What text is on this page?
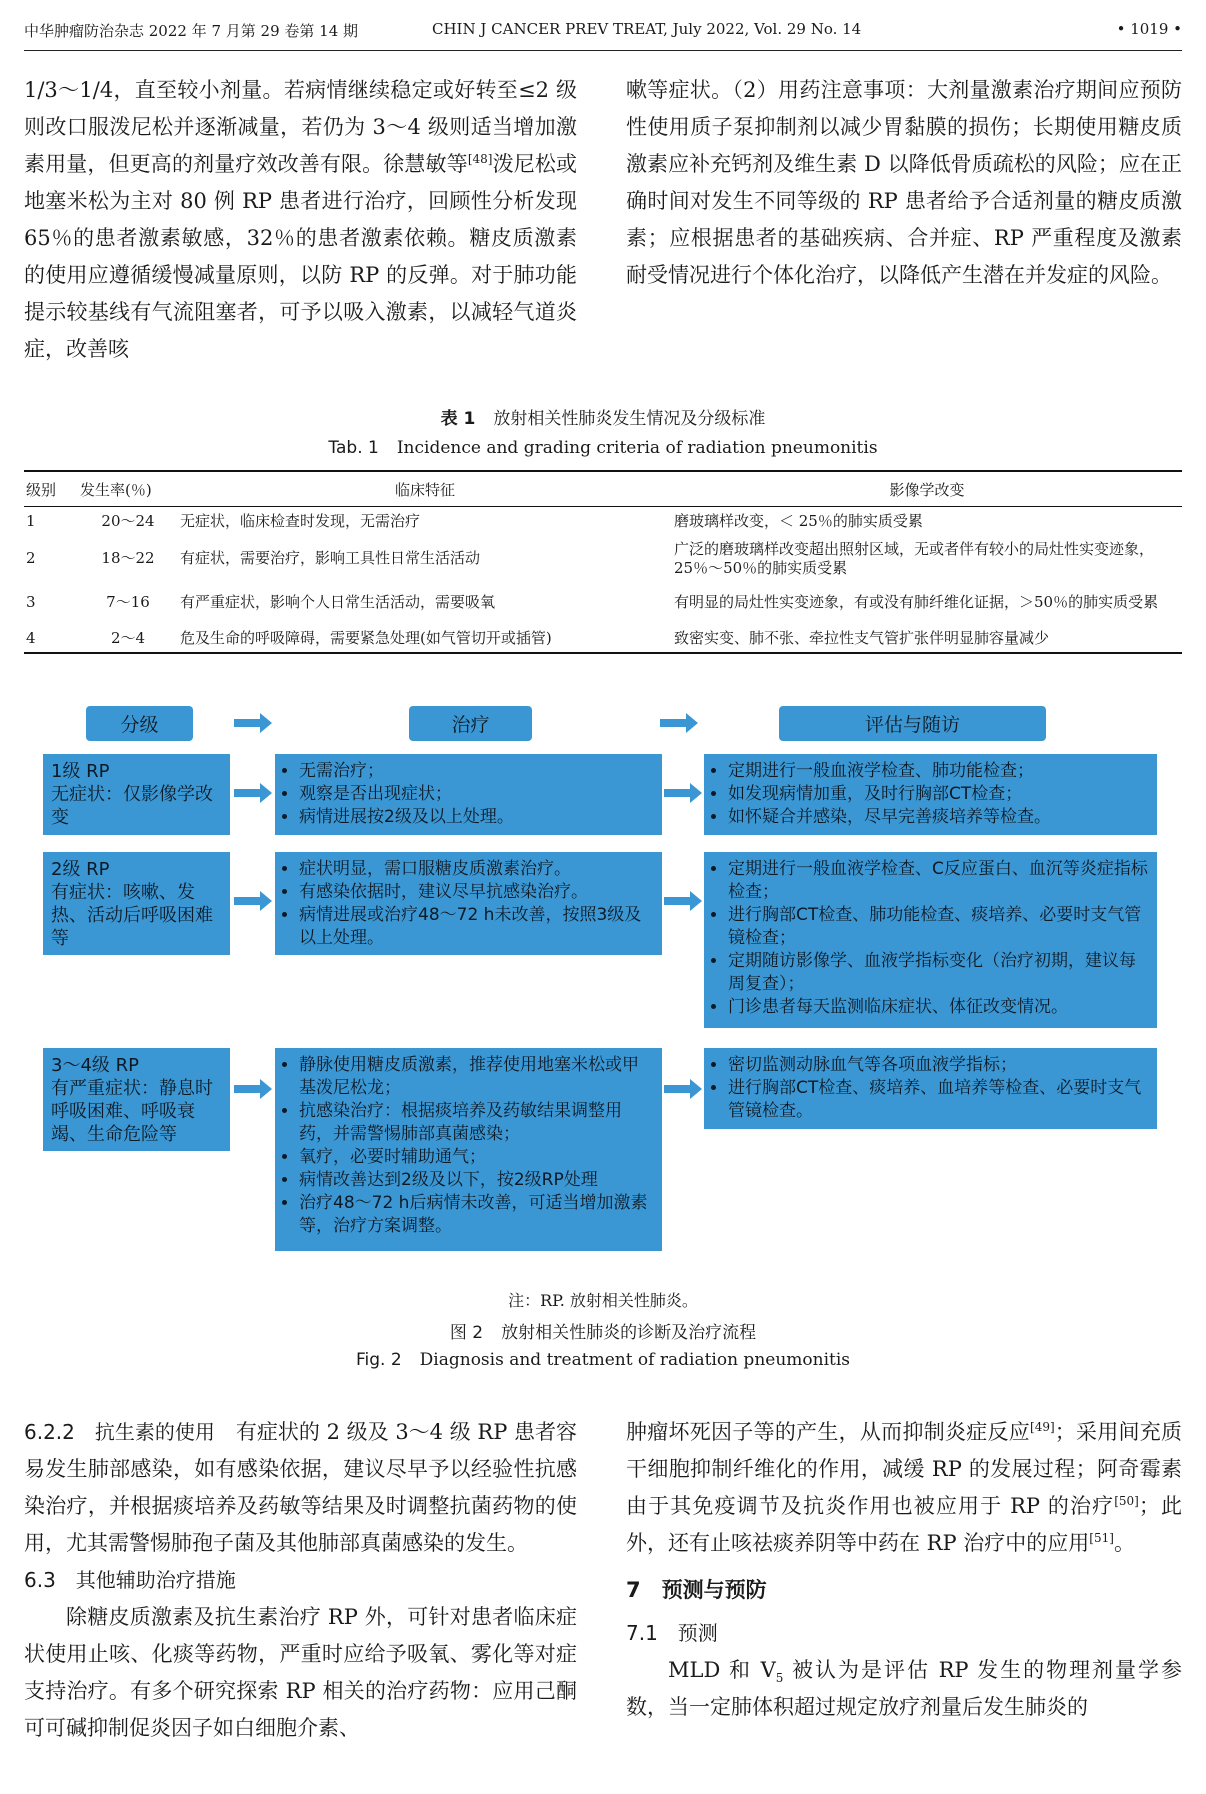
中华肿瘤防治杂志 2022 年 7 月第 29 卷第 14 期	CHIN J CANCER PREV TREAT, July 2022, Vol. 29 No. 14	• 1019 •

1/3～1/4，直至较小剂量。若病情继续稳定或好转至≤2 级则改口服泼尼松并逐渐减量，若仍为 3～4 级则适当增加激素用量，但更高的剂量疗效改善有限。徐慧敏等[48]泼尼松或地塞米松为主对 80 例 RP 患者进行治疗，回顾性分析发现 65％的患者激素敏感，32％的患者激素依赖。糖皮质激素的使用应遵循缓慢减量原则，以防 RP 的反弹。对于肺功能提示较基线有气流阻塞者，可予以吸入激素，以减轻气道炎症，改善咳

嗽等症状。（2）用药注意事项：大剂量激素治疗期间应预防性使用质子泵抑制剂以减少胃黏膜的损伤；长期使用糖皮质激素应补充钙剂及维生素 D 以降低骨质疏松的风险；应在正确时间对发生不同等级的 RP 患者给予合适剂量的糖皮质激素；应根据患者的基础疾病、合并症、RP 严重程度及激素耐受情况进行个体化治疗，以降低产生潜在并发症的风险。

表 1 放射相关性肺炎发生情况及分级标准
Tab. 1 Incidence and grading criteria of radiation pneumonitis
级别	发生率(％)	临床特征	影像学改变
1	20～24	无症状，临床检查时发现，无需治疗	磨玻璃样改变，＜ 25％的肺实质受累
2	18～22	有症状，需要治疗，影响工具性日常生活活动	广泛的磨玻璃样改变超出照射区域，无或者伴有较小的局灶性实变迹象，25％～50％的肺实质受累
3	7～16	有严重症状，影响个人日常生活活动，需要吸氧	有明显的局灶性实变迹象，有或没有肺纤维化证据，＞50％的肺实质受累
4	2～4	危及生命的呼吸障碍，需要紧急处理(如气管切开或插管)	致密实变、肺不张、牵拉性支气管扩张伴明显肺容量减少
分级	治疗	评估与随访
1级 RP
无症状：仅影像学改变
• 无需治疗；
• 观察是否出现症状；
• 病情进展按2级及以上处理。
• 定期进行一般血液学检查、肺功能检查；
• 如发现病情加重，及时行胸部CT检查；
• 如怀疑合并感染，尽早完善痰培养等检查。
2级 RP
有症状：咳嗽、发热、活动后呼吸困难等
• 症状明显，需口服糖皮质激素治疗。
• 有感染依据时，建议尽早抗感染治疗。
• 病情进展或治疗48～72 h未改善，按照3级及以上处理。
• 定期进行一般血液学检查、C反应蛋白、血沉等炎症指标检查；
• 进行胸部CT检查、肺功能检查、痰培养、必要时支气管镜检查；
• 定期随访影像学、血液学指标变化（治疗初期，建议每周复查）；
• 门诊患者每天监测临床症状、体征改变情况。
3～4级 RP
有严重症状：静息时呼吸困难、呼吸衰竭、生命危险等
• 静脉使用糖皮质激素，推荐使用地塞米松或甲基泼尼松龙；
• 抗感染治疗：根据痰培养及药敏结果调整用药，并需警惕肺部真菌感染；
• 氧疗，必要时辅助通气；
• 病情改善达到2级及以下，按2级RP处理
• 治疗48～72 h后病情未改善，可适当增加激素等，治疗方案调整。
• 密切监测动脉血气等各项血液学指标；
• 进行胸部CT检查、痰培养、血培养等检查、必要时支气管镜检查。
注：RP. 放射相关性肺炎。
图 2 放射相关性肺炎的诊断及治疗流程
Fig. 2 Diagnosis and treatment of radiation pneumonitis

6.2.2　抗生素的使用　 有症状的 2 级及 3～4 级 RP 患者容易发生肺部感染，如有感染依据，建议尽早予以经验性抗感染治疗，并根据痰培养及药敏等结果及时调整抗菌药物的使用，尤其需警惕肺孢子菌及其他肺部真菌感染的发生。

6.3　其他辅助治疗措施

除糖皮质激素及抗生素治疗 RP 外，可针对患者临床症状使用止咳、化痰等药物，严重时应给予吸氧、雾化等对症支持治疗。有多个研究探索 RP 相关的治疗药物：应用己酮可可碱抑制促炎因子如白细胞介素、

肿瘤坏死因子等的产生，从而抑制炎症反应[49]；采用间充质干细胞抑制纤维化的作用，减缓 RP 的发展过程；阿奇霉素由于其免疫调节及抗炎作用也被应用于 RP 的治疗[50]；此外，还有止咳祛痰养阴等中药在 RP 治疗中的应用[51]。

7　预测与预防

7.1　预测

MLD 和 $V_5$ 被认为是评估 RP 发生的物理剂量学参数，当一定肺体积超过规定放疗剂量后发生肺炎的
